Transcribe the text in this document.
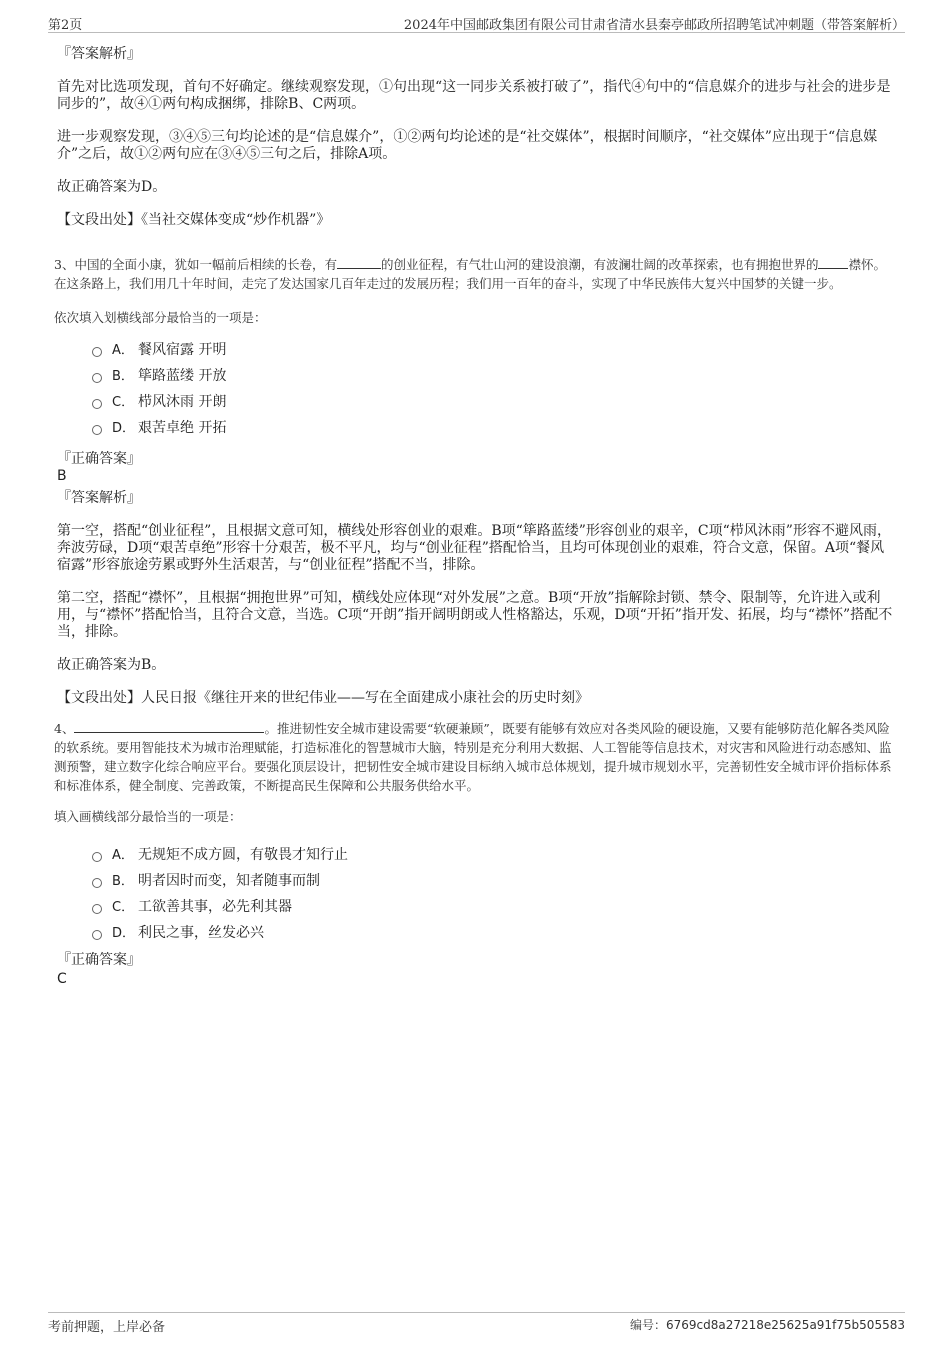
第2页	2024年中国邮政集团有限公司甘肃省清水县秦亭邮政所招聘笔试冲刺题（带答案解析）
『答案解析』

首先对比选项发现，首句不好确定。继续观察发现，①句出现“这一同步关系被打破了”，指代④句中的“信息媒介的进步与社会的进步是同步的”，故④①两句构成捆绑，排除B、C两项。

进一步观察发现，③④⑤三句均论述的是“信息媒介”，①②两句均论述的是“社交媒体”，根据时间顺序，“社交媒体”应出现于“信息媒介”之后，故①②两句应在③④⑤三句之后，排除A项。

故正确答案为D。

【文段出处】《当社交媒体变成“炒作机器”》

3、中国的全面小康，犹如一幅前后相续的长卷，有	的创业征程，有气壮山河的建设浪潮，有波澜壮阔的改革探索，也有拥抱世界的 襟怀。在这条路上，我们用几十年时间，走完了发达国家几百年走过的发展历程；我们用一百年的奋斗，实现了中华民族伟大复兴中国梦的关键一步。

依次填入划横线部分最恰当的一项是：

A． 餐风宿露 开明
B． 筚路蓝缕 开放
C． 栉风沐雨 开朗
D． 艰苦卓绝 开拓
『正确答案』
B
『答案解析』

第一空，搭配“创业征程”，且根据文意可知，横线处形容创业的艰难。B项“筚路蓝缕”形容创业的艰辛，C项“栉风沐雨”形容不避风雨，奔波劳碌，D项“艰苦卓绝”形容十分艰苦，极不平凡，均与“创业征程”搭配恰当，且均可体现创业的艰难，符合文意，保留。A项“餐风宿露”形容旅途劳累或野外生活艰苦，与“创业征程”搭配不当，排除。

第二空，搭配“襟怀”，且根据“拥抱世界”可知，横线处应体现“对外发展”之意。B项“开放”指解除封锁、禁令、限制等，允许进入或利用，与“襟怀”搭配恰当，且符合文意，当选。C项“开朗”指开阔明朗或人性格豁达，乐观，D项“开拓”指开发、拓展，均与“襟怀”搭配不当，排除。

故正确答案为B。

【文段出处】人民日报《继往开来的世纪伟业——写在全面建成小康社会的历史时刻》

4、	。推进韧性安全城市建设需要“软硬兼顾”，既要有能够有效应对各类风险的硬设施，又要有能够防范化解各类风险的软系统。要用智能技术为城市治理赋能，打造标准化的智慧城市大脑，特别是充分利用大数据、人工智能等信息技术，对灾害和风险进行动态感知、监测预警，建立数字化综合响应平台。要强化顶层设计，把韧性安全城市建设目标纳入城市总体规划，提升城市规划水平，完善韧性安全城市评价指标体系和标准体系，健全制度、完善政策，不断提高民生保障和公共服务供给水平。

填入画横线部分最恰当的一项是：

A． 无规矩不成方圆，有敬畏才知行止
B． 明者因时而变，知者随事而制
C． 工欲善其事，必先利其器
D． 利民之事，丝发必兴
『正确答案』
C
考前押题，上岸必备	编号：6769cd8a27218e25625a91f75b505583
